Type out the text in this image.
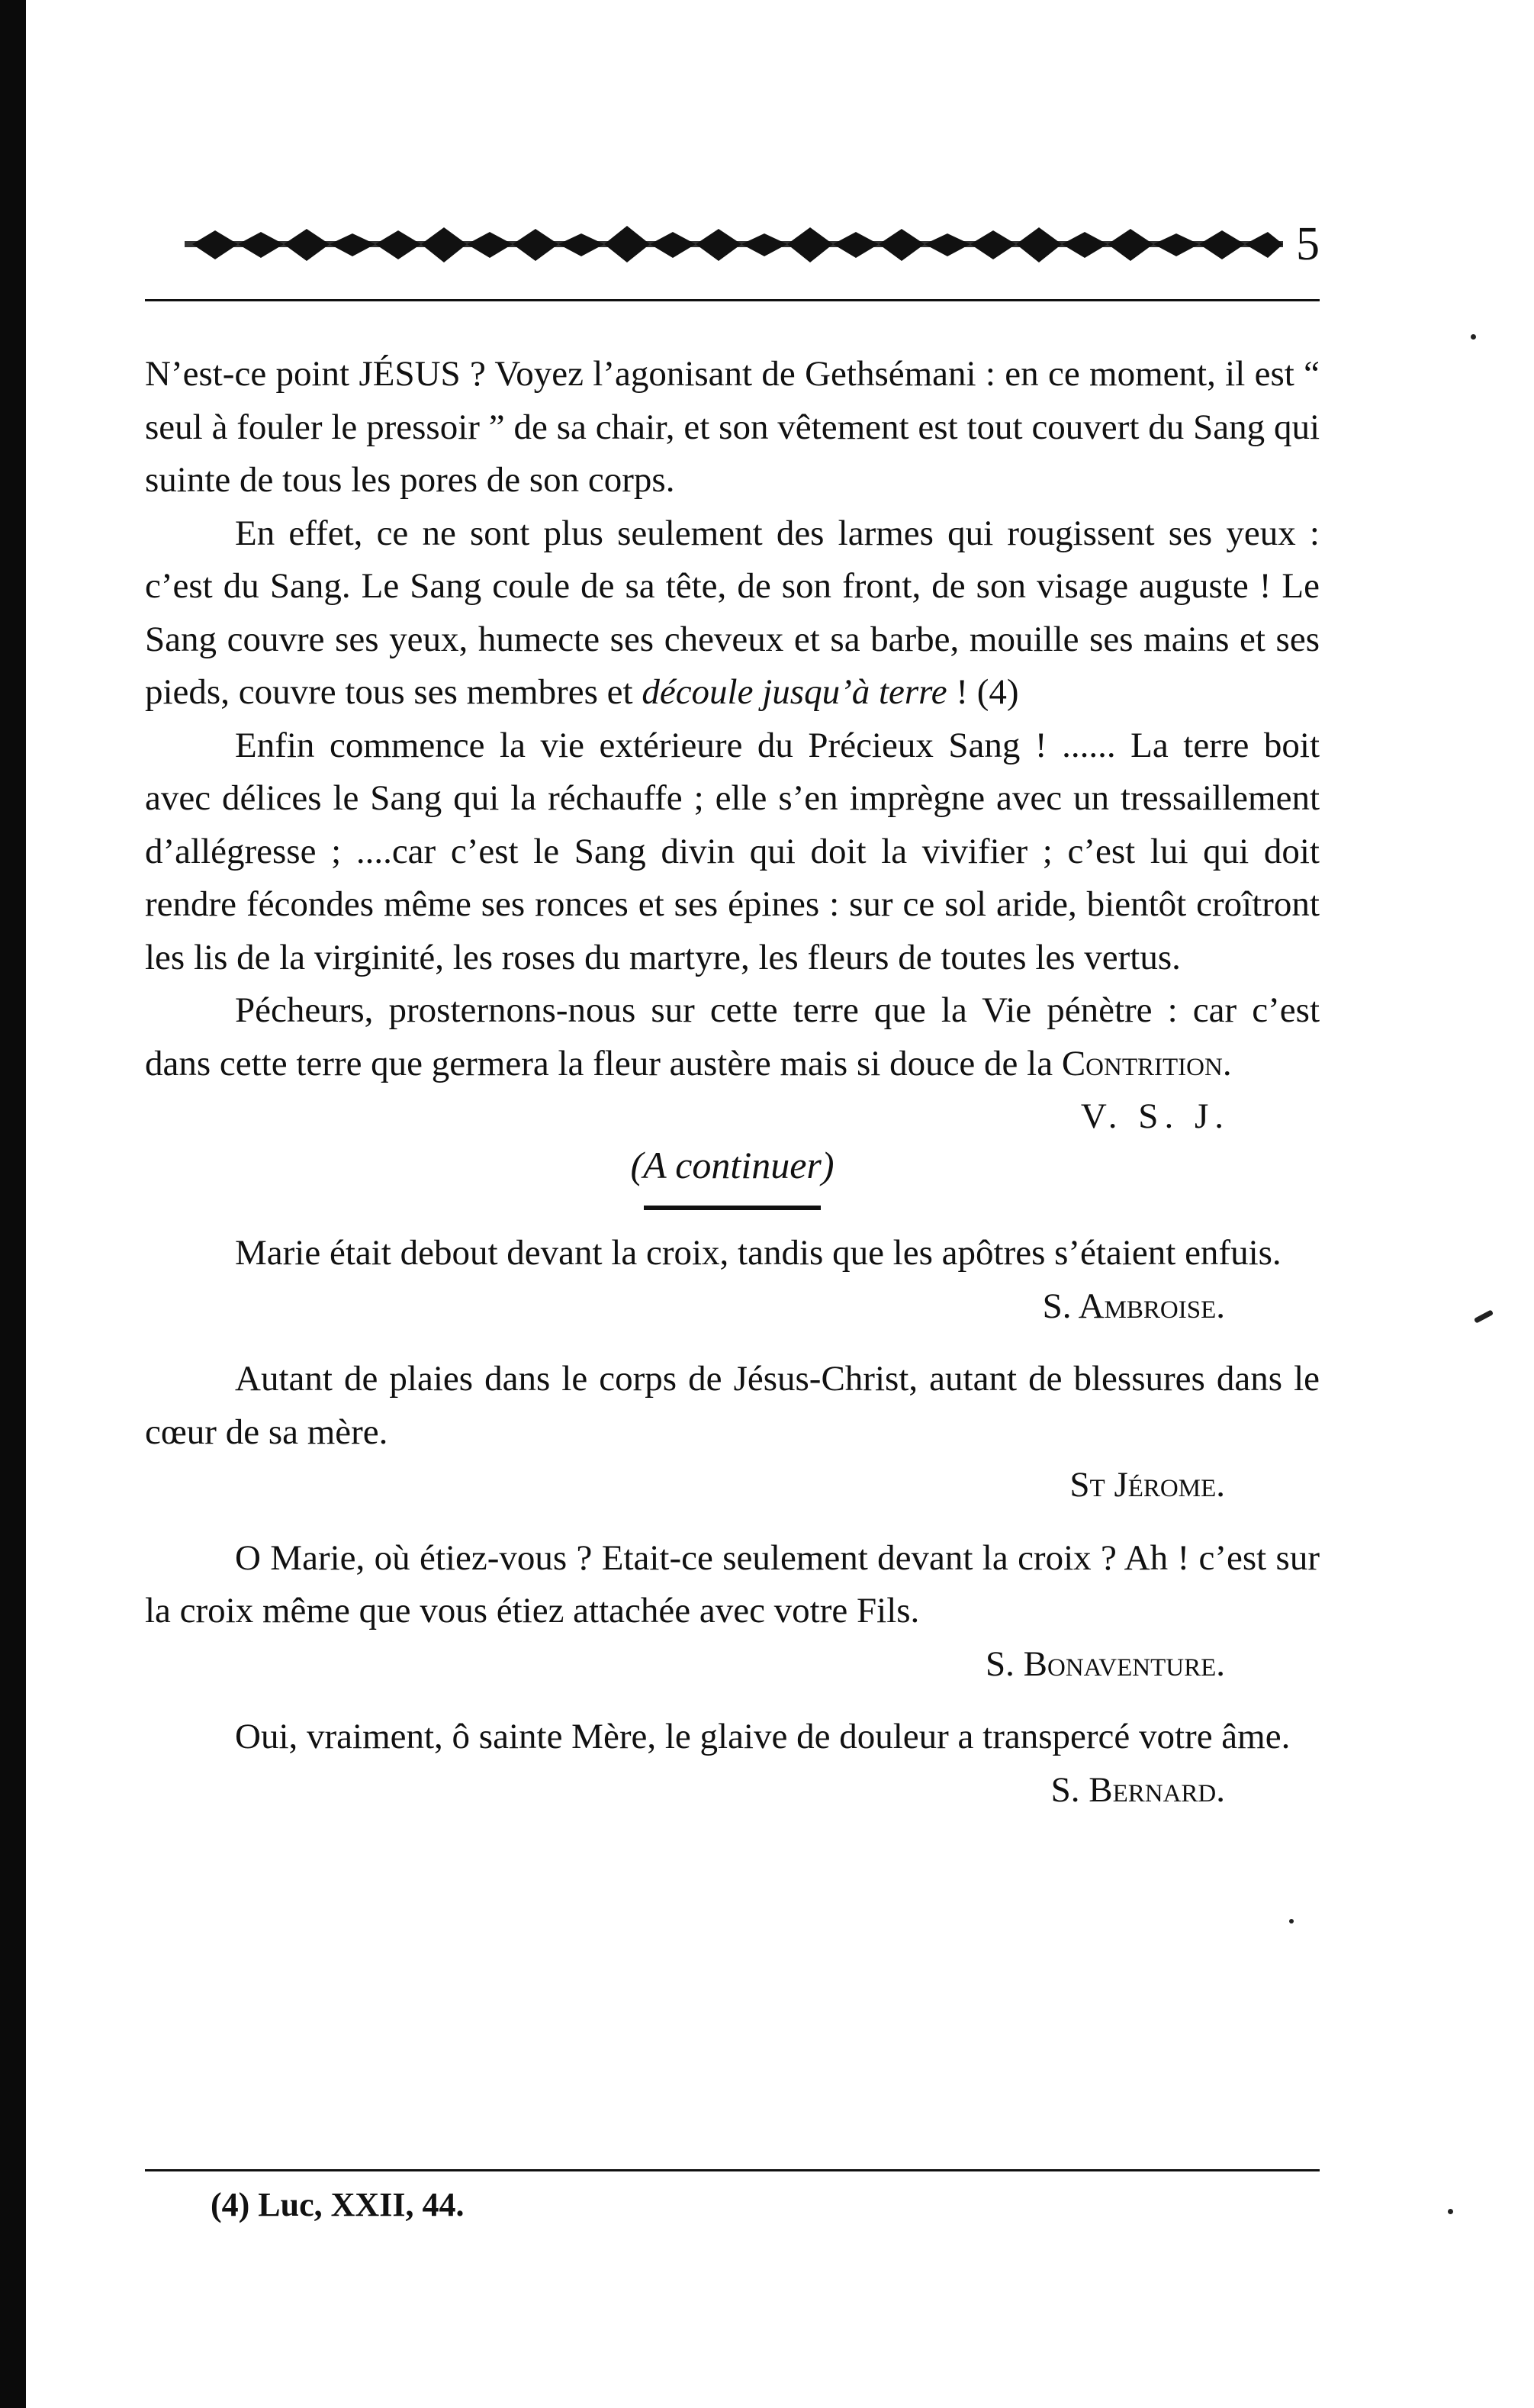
5

N’est-ce point JÉSUS ? Voyez l’agonisant de Gethsémani : en ce moment, il est “ seul à fouler le pressoir ” de sa chair, et son vêtement est tout couvert du Sang qui suinte de tous les pores de son corps.

En effet, ce ne sont plus seulement des larmes qui rougissent ses yeux : c’est du Sang. Le Sang coule de sa tête, de son front, de son visage auguste ! Le Sang couvre ses yeux, humecte ses cheveux et sa barbe, mouille ses mains et ses pieds, couvre tous ses membres et découle jusqu’à terre ! (4)

Enfin commence la vie extérieure du Précieux Sang ! ...... La terre boit avec délices le Sang qui la réchauffe ; elle s’en imprègne avec un tressaillement d’allégresse ; ....car c’est le Sang divin qui doit la vivifier ; c’est lui qui doit rendre fécondes même ses ronces et ses épines : sur ce sol aride, bientôt croîtront les lis de la virginité, les roses du martyre, les fleurs de toutes les vertus.

Pécheurs, prosternons-nous sur cette terre que la Vie pénètre : car c’est dans cette terre que germera la fleur austère mais si douce de la Contrition.

V. S. J.

(A continuer)

Marie était debout devant la croix, tandis que les apôtres s’étaient enfuis.

S. Ambroise.

Autant de plaies dans le corps de Jésus-Christ, autant de blessures dans le cœur de sa mère.

St Jérome.

O Marie, où étiez-vous ? Etait-ce seulement devant la croix ? Ah ! c’est sur la croix même que vous étiez attachée avec votre Fils.

S. Bonaventure.

Oui, vraiment, ô sainte Mère, le glaive de douleur a transpercé votre âme.

S. Bernard.

(4) Luc, XXII, 44.
